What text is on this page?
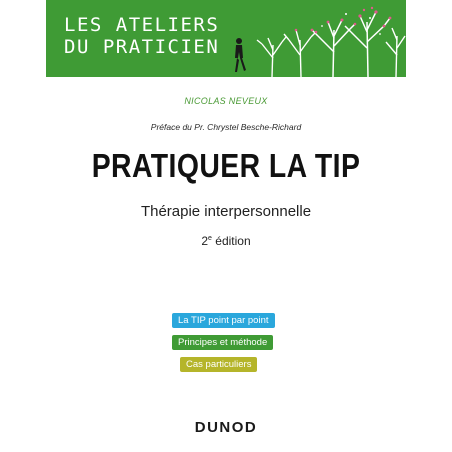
LES ATELIERS
DU PRATICIEN
NICOLAS NEVEUX
Préface du Pr. Chrystel Besche-Richard
PRATIQUER LA TIP
Thérapie interpersonnelle
2e édition
La TIP point par point
Principes et méthode
Cas particuliers
DUNOD
